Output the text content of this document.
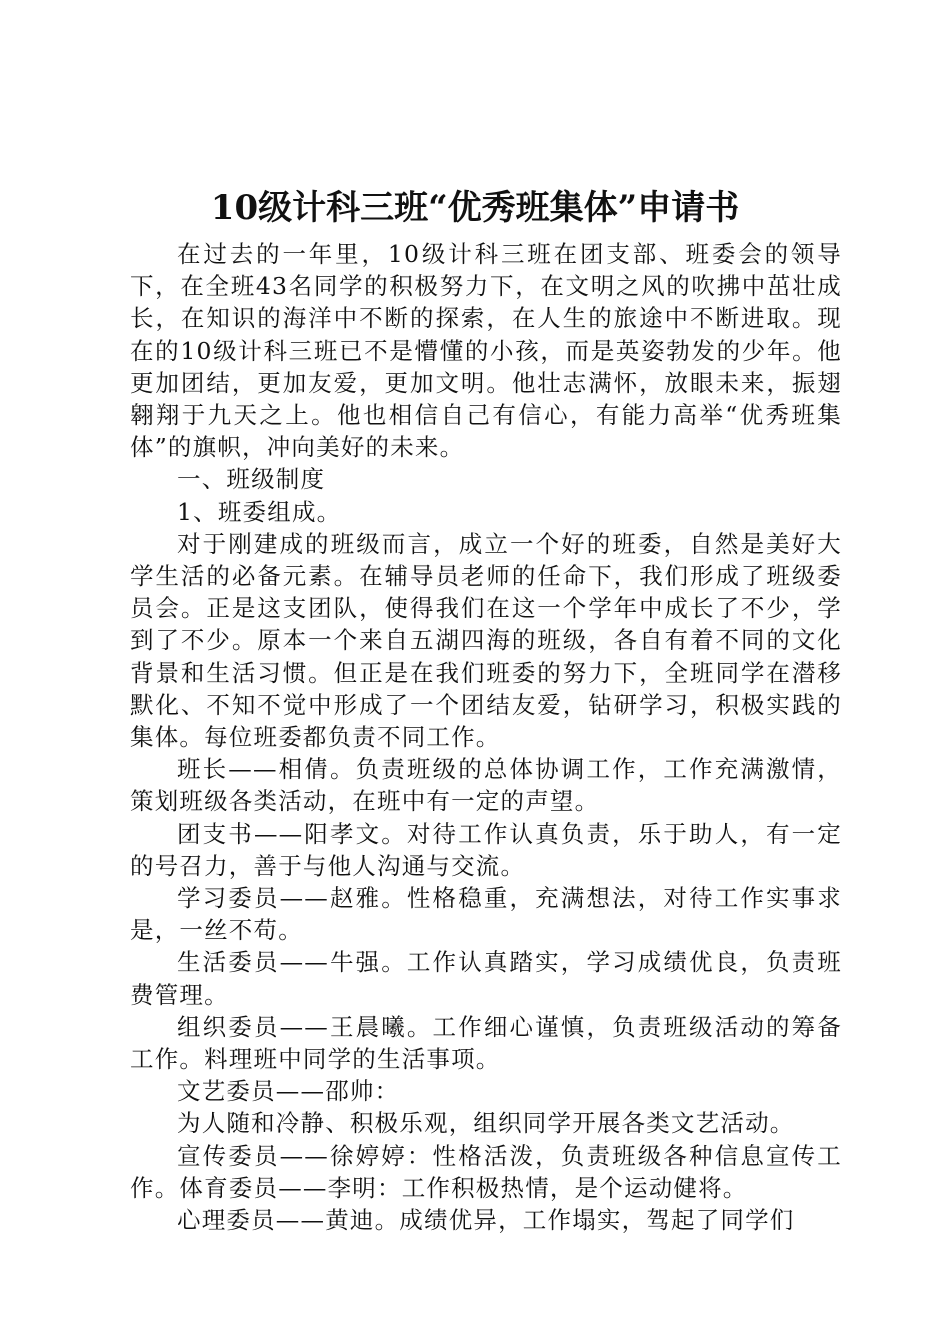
10级计科三班“优秀班集体”申请书

在过去的一年里，10级计科三班在团支部、班委会的领导下，在全班43名同学的积极努力下，在文明之风的吹拂中茁壮成长，在知识的海洋中不断的探索，在人生的旅途中不断进取。现在的10级计科三班已不是懵懂的小孩，而是英姿勃发的少年。他更加团结，更加友爱，更加文明。他壮志满怀，放眼未来，振翅翱翔于九天之上。他也相信自己有信心，有能力高举“优秀班集体”的旗帜，冲向美好的未来。

一、班级制度

1、班委组成。

对于刚建成的班级而言，成立一个好的班委，自然是美好大学生活的必备元素。在辅导员老师的任命下，我们形成了班级委员会。正是这支团队，使得我们在这一个学年中成长了不少，学到了不少。原本一个来自五湖四海的班级，各自有着不同的文化背景和生活习惯。但正是在我们班委的努力下，全班同学在潜移默化、不知不觉中形成了一个团结友爱，钻研学习，积极实践的集体。每位班委都负责不同工作。

班长——相倩。负责班级的总体协调工作，工作充满激情，策划班级各类活动，在班中有一定的声望。

团支书——阳孝文。对待工作认真负责，乐于助人，有一定的号召力，善于与他人沟通与交流。

学习委员——赵雅。性格稳重，充满想法，对待工作实事求是，一丝不苟。

生活委员——牛强。工作认真踏实，学习成绩优良，负责班费管理。

组织委员——王晨曦。工作细心谨慎，负责班级活动的筹备工作。料理班中同学的生活事项。

文艺委员——邵帅：

为人随和冷静、积极乐观，组织同学开展各类文艺活动。

宣传委员——徐婷婷：性格活泼，负责班级各种信息宣传工作。体育委员——李明：工作积极热情，是个运动健将。

心理委员——黄迪。成绩优异，工作塌实，驾起了同学们
